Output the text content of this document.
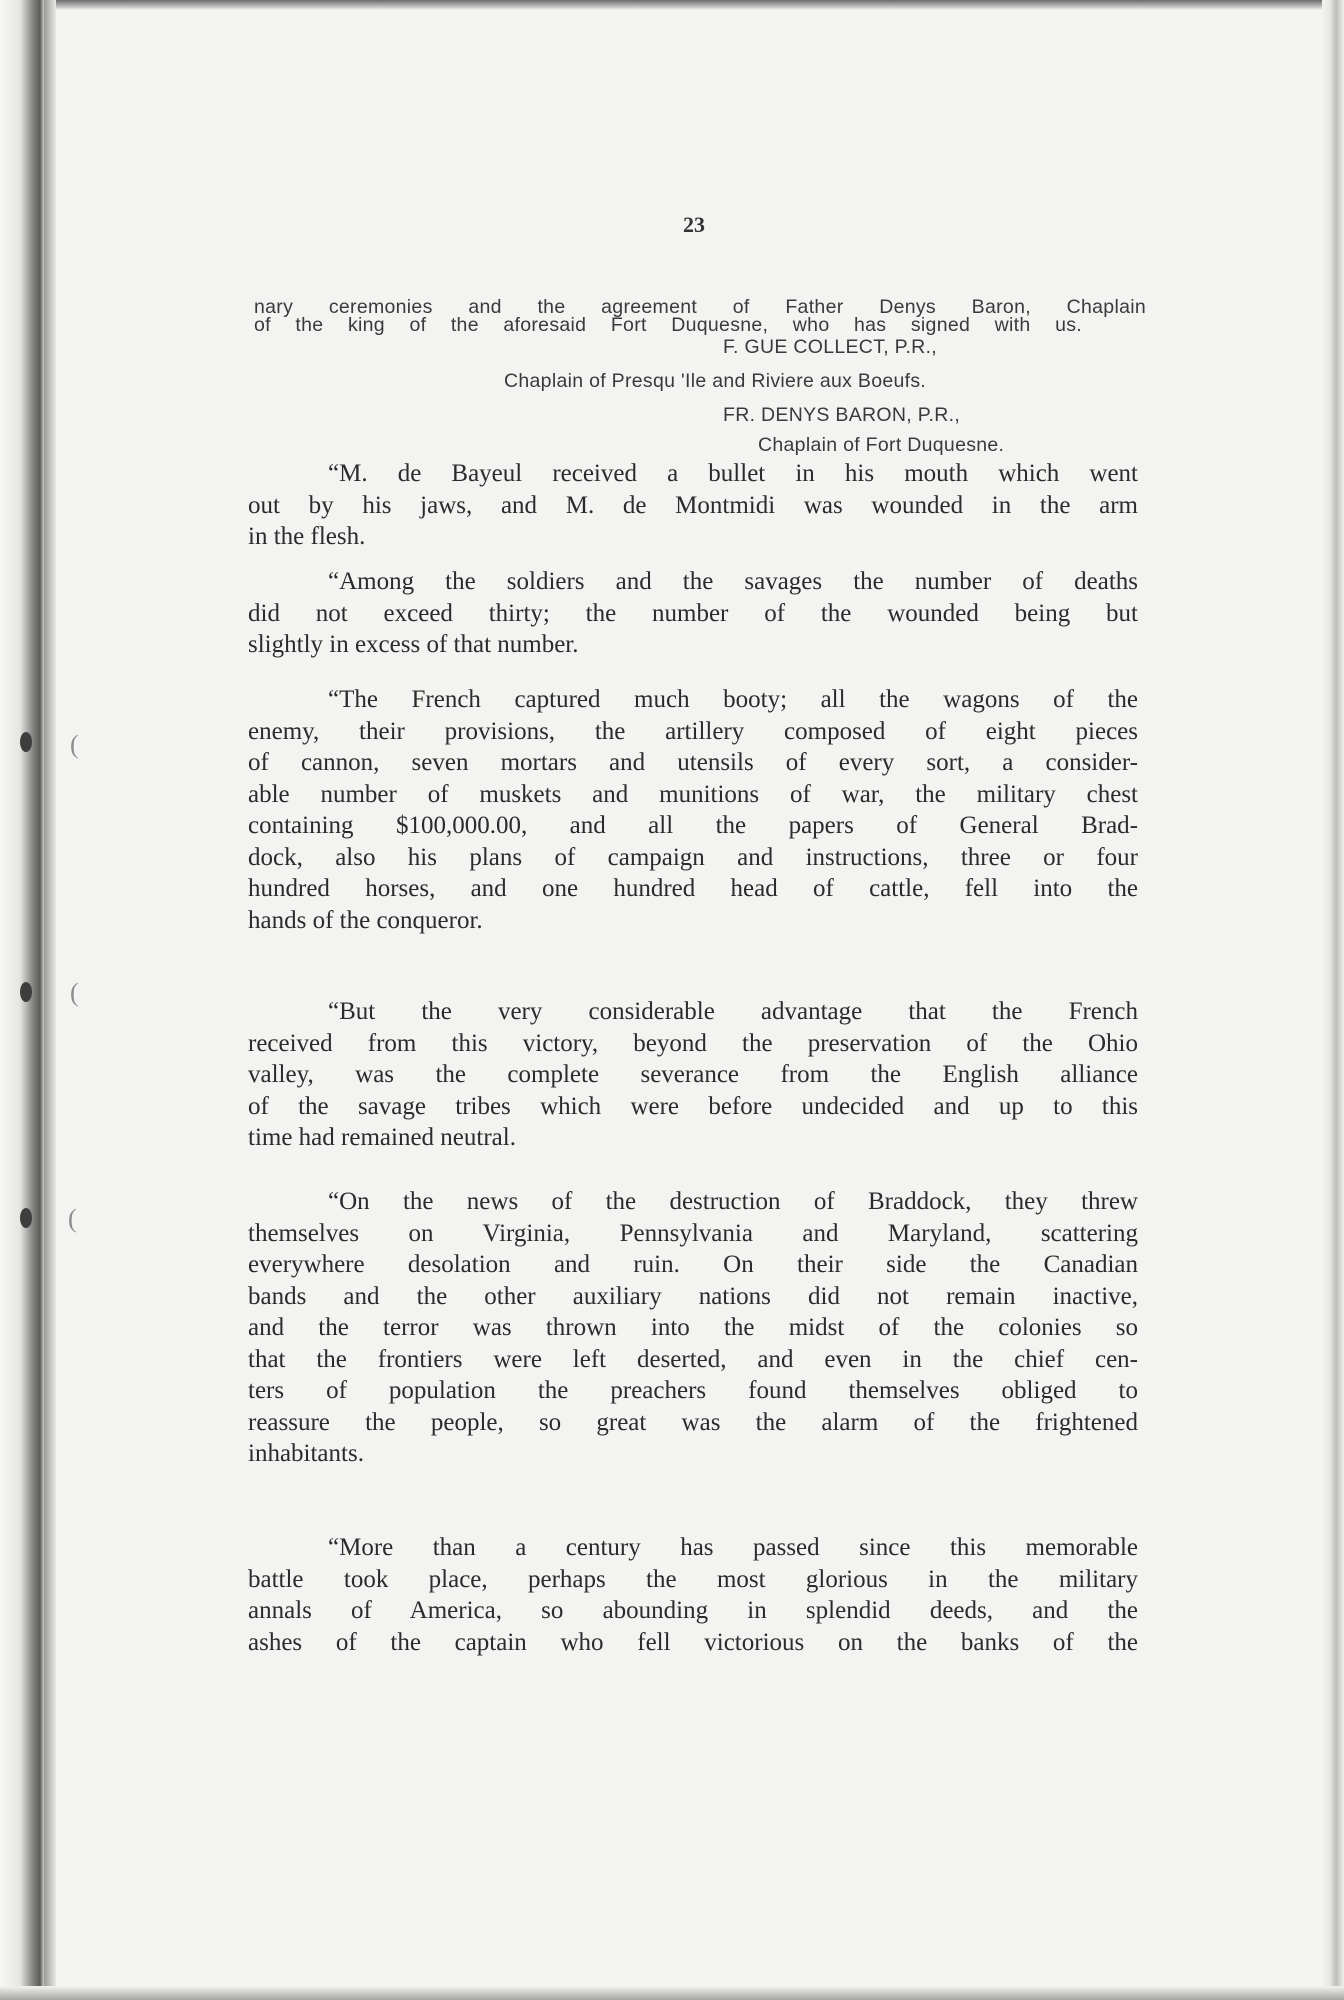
(
(
(
23
nary ceremonies and the agreement of Father Denys Baron, Chaplain
of the king of the aforesaid Fort Duquesne, who has signed with us.
F. GUE COLLECT, P.R.,
Chaplain of Presqu 'Ile and Riviere aux Boeufs.
FR. DENYS BARON, P.R.,
Chaplain of Fort Duquesne.
“M. de Bayeul received a bullet in his mouth which went
out by his jaws, and M. de Montmidi was wounded in the arm
in the flesh.
“Among the soldiers and the savages the number of deaths
did not exceed thirty; the number of the wounded being but
slightly in excess of that number.
“The French captured much booty; all the wagons of the
enemy, their provisions, the artillery composed of eight pieces
of cannon, seven mortars and utensils of every sort, a consider-
able number of muskets and munitions of war, the military chest
containing $100,000.00, and all the papers of General Brad-
dock, also his plans of campaign and instructions, three or four
hundred horses, and one hundred head of cattle, fell into the
hands of the conqueror.
“But the very considerable advantage that the French
received from this victory, beyond the preservation of the Ohio
valley, was the complete severance from the English alliance
of the savage tribes which were before undecided and up to this
time had remained neutral.
“On the news of the destruction of Braddock, they threw
themselves on Virginia, Pennsylvania and Maryland, scattering
everywhere desolation and ruin. On their side the Canadian
bands and the other auxiliary nations did not remain inactive,
and the terror was thrown into the midst of the colonies so
that the frontiers were left deserted, and even in the chief cen-
ters of population the preachers found themselves obliged to
reassure the people, so great was the alarm of the frightened
inhabitants.
“More than a century has passed since this memorable
battle took place, perhaps the most glorious in the military
annals of America, so abounding in splendid deeds, and the
ashes of the captain who fell victorious on the banks of the
